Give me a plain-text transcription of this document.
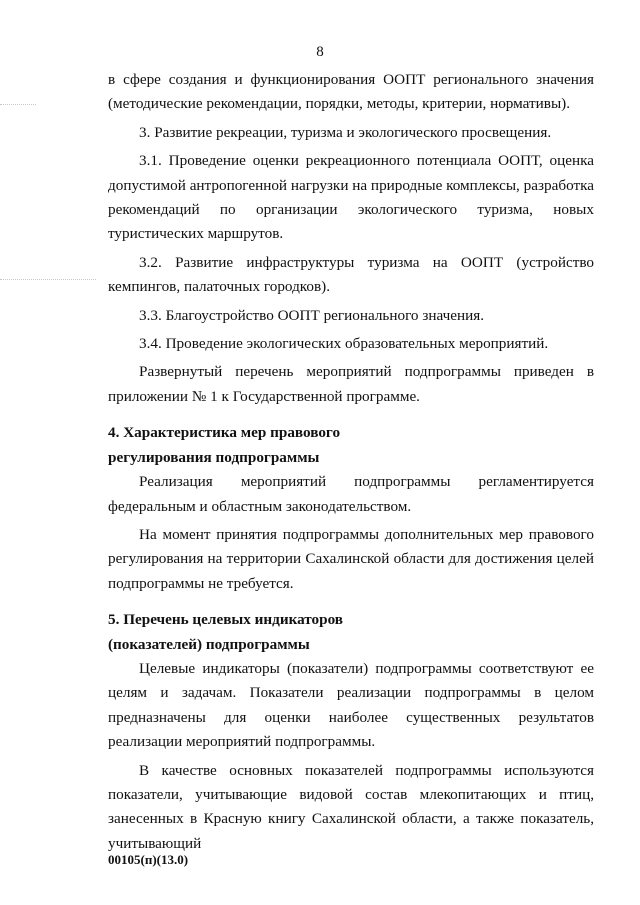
8

в сфере создания и функционирования ООПТ регионального значения (методические рекомендации, порядки, методы, критерии, нормативы).

3. Развитие рекреации, туризма и экологического просвещения.

3.1. Проведение оценки рекреационного потенциала ООПТ, оценка допустимой антропогенной нагрузки на природные комплексы, разработка рекомендаций по организации экологического туризма, новых туристических маршрутов.

3.2. Развитие инфраструктуры туризма на ООПТ (устройство кемпингов, палаточных городков).

3.3. Благоустройство ООПТ регионального значения.

3.4. Проведение экологических образовательных мероприятий.

Развернутый перечень мероприятий подпрограммы приведен в приложении № 1 к Государственной программе.

4. Характеристика мер правового

регулирования подпрограммы

Реализация мероприятий подпрограммы регламентируется федеральным и областным законодательством.

На момент принятия подпрограммы дополнительных мер правового регулирования на территории Сахалинской области для достижения целей подпрограммы не требуется.

5. Перечень целевых индикаторов

(показателей) подпрограммы

Целевые индикаторы (показатели) подпрограммы соответствуют ее целям и задачам. Показатели реализации подпрограммы в целом предназначены для оценки наиболее существенных результатов реализации мероприятий подпрограммы.

В качестве основных показателей подпрограммы используются показатели, учитывающие видовой состав млекопитающих и птиц, занесенных в Красную книгу Сахалинской области, а также показатель, учитывающий

00105(п)(13.0)
